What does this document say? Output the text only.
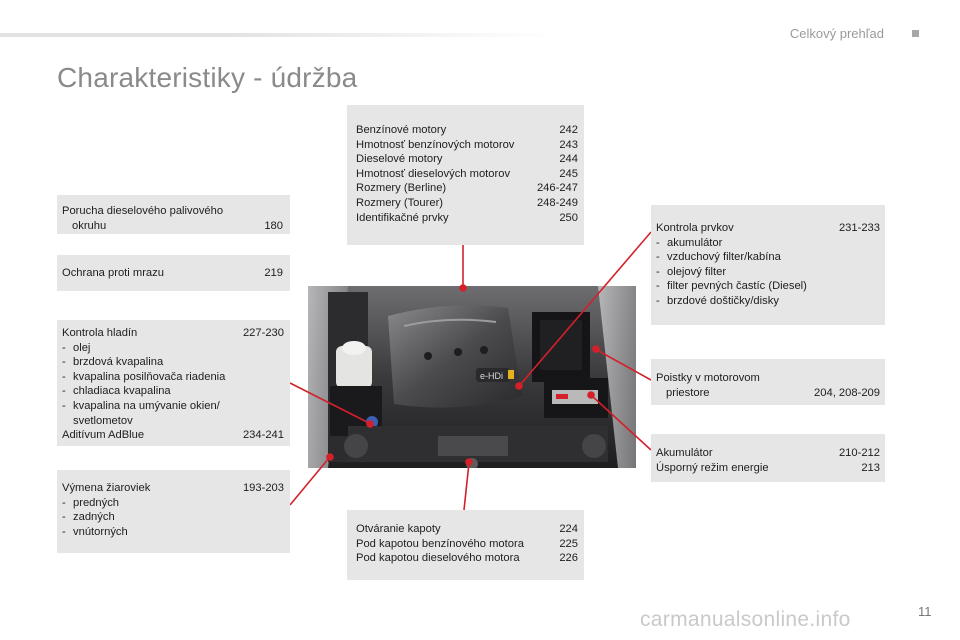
Celkový prehľad
Charakteristiky - údržba
e-HDi
Benzínové motory	242
Hmotnosť benzínových motorov	243
Dieselové motory	244
Hmotnosť dieselových motorov	245
Rozmery (Berline)	246-247
Rozmery (Tourer)	248-249
Identifikačné prvky	250
Porucha dieselového palivového
okruhu	180
Ochrana proti mrazu	219
Kontrola hladín	227-230
- olej
- brzdová kvapalina
- kvapalina posilňovača riadenia
- chladiaca kvapalina
- kvapalina na umývanie okien/
svetlometov
Aditívum AdBlue	234-241
Výmena žiaroviek	193-203
- predných
- zadných
- vnútorných
Kontrola prvkov	231-233
- akumulátor
- vzduchový filter/kabína
- olejový filter
- filter pevných častíc (Diesel)
- brzdové doštičky/disky
Poistky v motorovom
priestore	204, 208-209
Akumulátor	210-212
Úsporný režim energie	213
Otváranie kapoty	224
Pod kapotou benzínového motora	225
Pod kapotou dieselového motora	226
carmanualsonline.info	11
